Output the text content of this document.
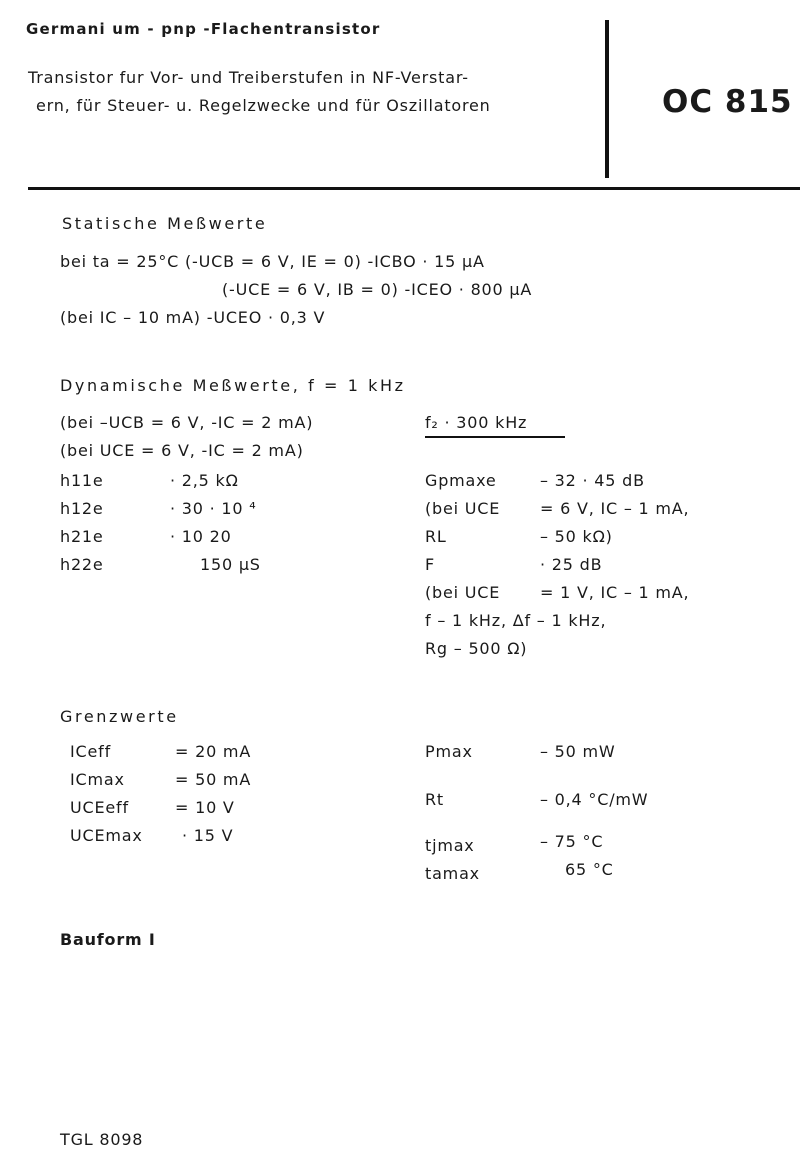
Germani um - pnp -Flachentransistor
Transistor fur Vor- und Treiberstufen in NF-Verstar-
ern, für Steuer- u. Regelzwecke und für Oszillatoren	OC 815
Statische Meßwerte
bei ta = 25°C (-UCB = 6 V, IE = 0) -ICBO · 15 µA
(-UCE = 6 V, IB = 0) -ICEO · 800 µA
(bei IC – 10 mA) -UCEO · 0,3 V
Dynamische Meßwerte, f = 1 kHz
(bei –UCB = 6 V, -IC = 2 mA)
(bei UCE = 6 V, -IC = 2 mA)
f₂ · 300 kHz
h11e	· 2,5 kΩ
h12e	· 30 · 10 ⁴
h21e	· 10 20
h22e	150 µS
Gpmaxe	– 32 · 45 dB
(bei UCE = 6 V, IC – 1 mA,
RL	– 50 kΩ)
F	· 25 dB
(bei UCE = 1 V, IC – 1 mA,
f – 1 kHz, Δf – 1 kHz,
Rg – 500 Ω)
Grenzwerte
ICeff	= 20 mA
ICmax	= 50 mA
UCEeff	= 10 V
UCEmax · 15 V
Pmax	– 50 mW
Rt	– 0,4 °C/mW
tjmax	– 75 °C
tamax	65 °C
Bauform I
TGL 8098
